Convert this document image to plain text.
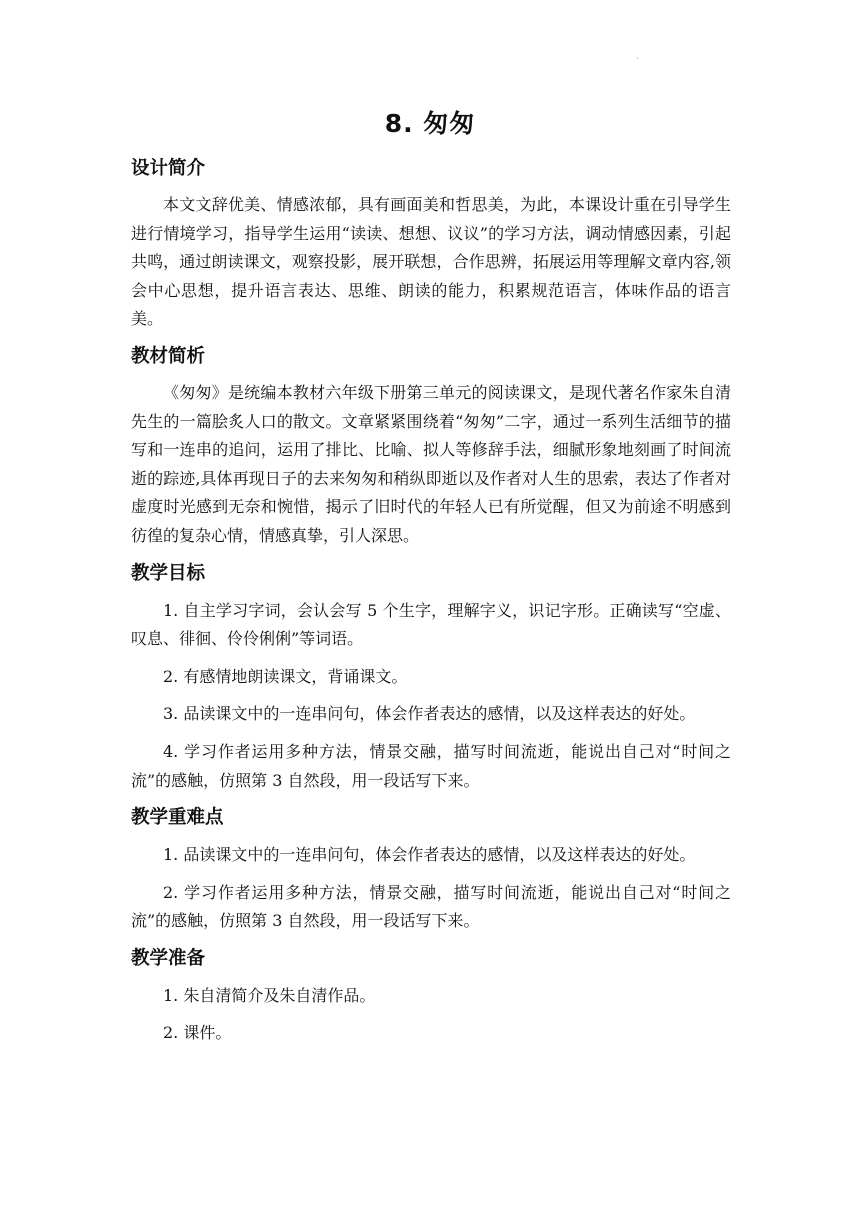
·
8. 匆匆
设计简介

本文文辞优美、情感浓郁，具有画面美和哲思美，为此，本课设计重在引导学生进行情境学习，指导学生运用“读读、想想、议议”的学习方法，调动情感因素，引起共鸣，通过朗读课文，观察投影，展开联想，合作思辨，拓展运用等理解文章内容,领会中心思想，提升语言表达、思维、朗读的能力，积累规范语言，体味作品的语言美。

教材简析

《匆匆》是统编本教材六年级下册第三单元的阅读课文，是现代著名作家朱自清先生的一篇脍炙人口的散文。文章紧紧围绕着“匆匆”二字，通过一系列生活细节的描写和一连串的追问，运用了排比、比喻、拟人等修辞手法，细腻形象地刻画了时间流逝的踪迹,具体再现日子的去来匆匆和稍纵即逝以及作者对人生的思索，表达了作者对虚度时光感到无奈和惋惜，揭示了旧时代的年轻人已有所觉醒，但又为前途不明感到彷徨的复杂心情，情感真挚，引人深思。

教学目标

1. 自主学习字词，会认会写 5 个生字，理解字义，识记字形。正确读写“空虚、叹息、徘徊、伶伶俐俐”等词语。

2. 有感情地朗读课文，背诵课文。

3. 品读课文中的一连串问句，体会作者表达的感情，以及这样表达的好处。

4. 学习作者运用多种方法，情景交融，描写时间流逝，能说出自己对“时间之流”的感触，仿照第 3 自然段，用一段话写下来。

教学重难点

1. 品读课文中的一连串问句，体会作者表达的感情，以及这样表达的好处。

2. 学习作者运用多种方法，情景交融，描写时间流逝，能说出自己对“时间之流”的感触，仿照第 3 自然段，用一段话写下来。

教学准备

1. 朱自清简介及朱自清作品。

2. 课件。
